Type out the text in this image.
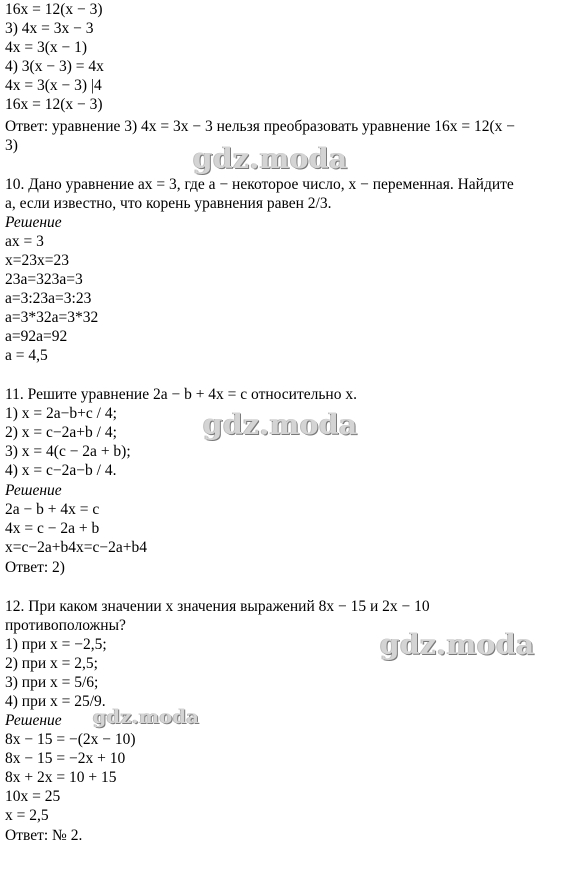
16x = 12(x − 3)
3) 4x = 3x − 3
4x = 3(x − 1)
4) 3(x − 3) = 4x
4x = 3(x − 3) |4
16x = 12(x − 3)
Ответ: уравнение 3) 4x = 3x − 3 нельзя преобразовать уравнение 16x = 12(x −
3)
10. Дано уравнение ax = 3, где a − некоторое число, x − переменная. Найдите
a, если известно, что корень уравнения равен 2/3.
Решение
ax = 3
x=23x=23
23a=323a=3
a=3:23a=3:23
a=3*32a=3*32
a=92a=92
a = 4,5
11. Решите уравнение 2a − b + 4x = c относительно x.
1) x = 2a−b+c / 4;
2) x = c−2a+b / 4;
3) x = 4(c − 2a + b);
4) x = c−2a−b / 4.
Решение
2a − b + 4x = c
4x = c − 2a + b
x=c−2a+b4x=c−2a+b4
Ответ: 2)
12. При каком значении x значения выражений 8x − 15 и 2x − 10
противоположны?
1) при x = −2,5;
2) при x = 2,5;
3) при x = 5/6;
4) при x = 25/9.
Решение
8x − 15 = −(2x − 10)
8x − 15 = −2x + 10
8x + 2x = 10 + 15
10x = 25
x = 2,5
Ответ: № 2.
gdz.moda
gdz.moda
gdz.moda
gdz.moda
